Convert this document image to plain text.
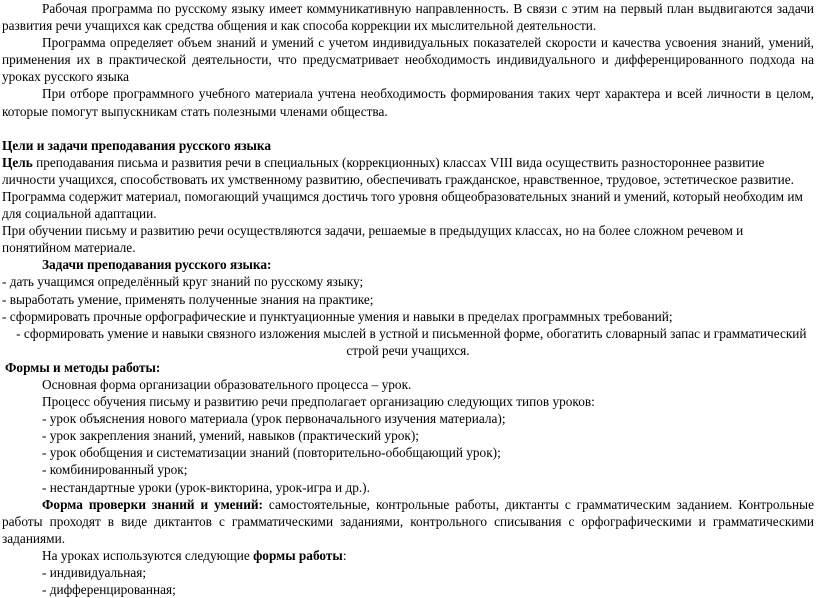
Рабочая программа по русскому языку имеет коммуникативную направленность. В связи с этим на первый план выдвигаются задачи развития речи учащихся как средства общения и как способа коррекции их мыслительной деятельности.

Программа определяет объем знаний и умений с учетом индивидуальных показателей скорости и качества усвоения знаний, умений, применения их в практической деятельности, что предусматривает необходимость индивидуального и дифференцированного подхода на уроках русского языка

При отборе программного учебного материала учтена необходимость формирования таких черт характера и всей личности в целом, которые помогут выпускникам стать полезными членами общества.

Цели и задачи преподавания русского языка

Цель преподавания письма и развития речи в специальных (коррекционных) классах VIII вида осуществить разностороннее развитие личности учащихся, способствовать их умственному развитию, обеспечивать гражданское, нравственное, трудовое, эстетическое развитие.

Программа содержит материал, помогающий учащимся достичь того уровня общеобразовательных знаний и умений, который необходим им для социальной адаптации.

При обучении письму и развитию речи осуществляются задачи, решаемые в предыдущих классах, но на более сложном речевом и понятийном материале.

Задачи преподавания русского языка:

- дать учащимся определённый круг знаний по русскому языку;

- выработать умение, применять полученные знания на практике;

- сформировать прочные орфографические и пунктуационные умения и навыки в пределах программных требований;

- сформировать умение и навыки связного изложения мыслей в устной и письменной форме, обогатить словарный запас и грамматический строй речи учащихся.

Формы и методы работы:

Основная форма организации образовательного процесса – урок.

Процесс обучения письму и развитию речи предполагает организацию следующих типов уроков:

- урок объяснения нового материала (урок первоначального изучения материала);

- урок закрепления знаний, умений, навыков (практический урок);

- урок обобщения и систематизации знаний (повторительно-обобщающий урок);

- комбинированный урок;

- нестандартные уроки (урок-викторина, урок-игра и др.).

Форма проверки знаний и умений: самостоятельные, контрольные работы, диктанты с грамматическим заданием. Контрольные работы проходят в виде диктантов с грамматическими заданиями, контрольного списывания с орфографическими и грамматическими заданиями.

На уроках используются следующие формы работы:

- индивидуальная;

- дифференцированная;
